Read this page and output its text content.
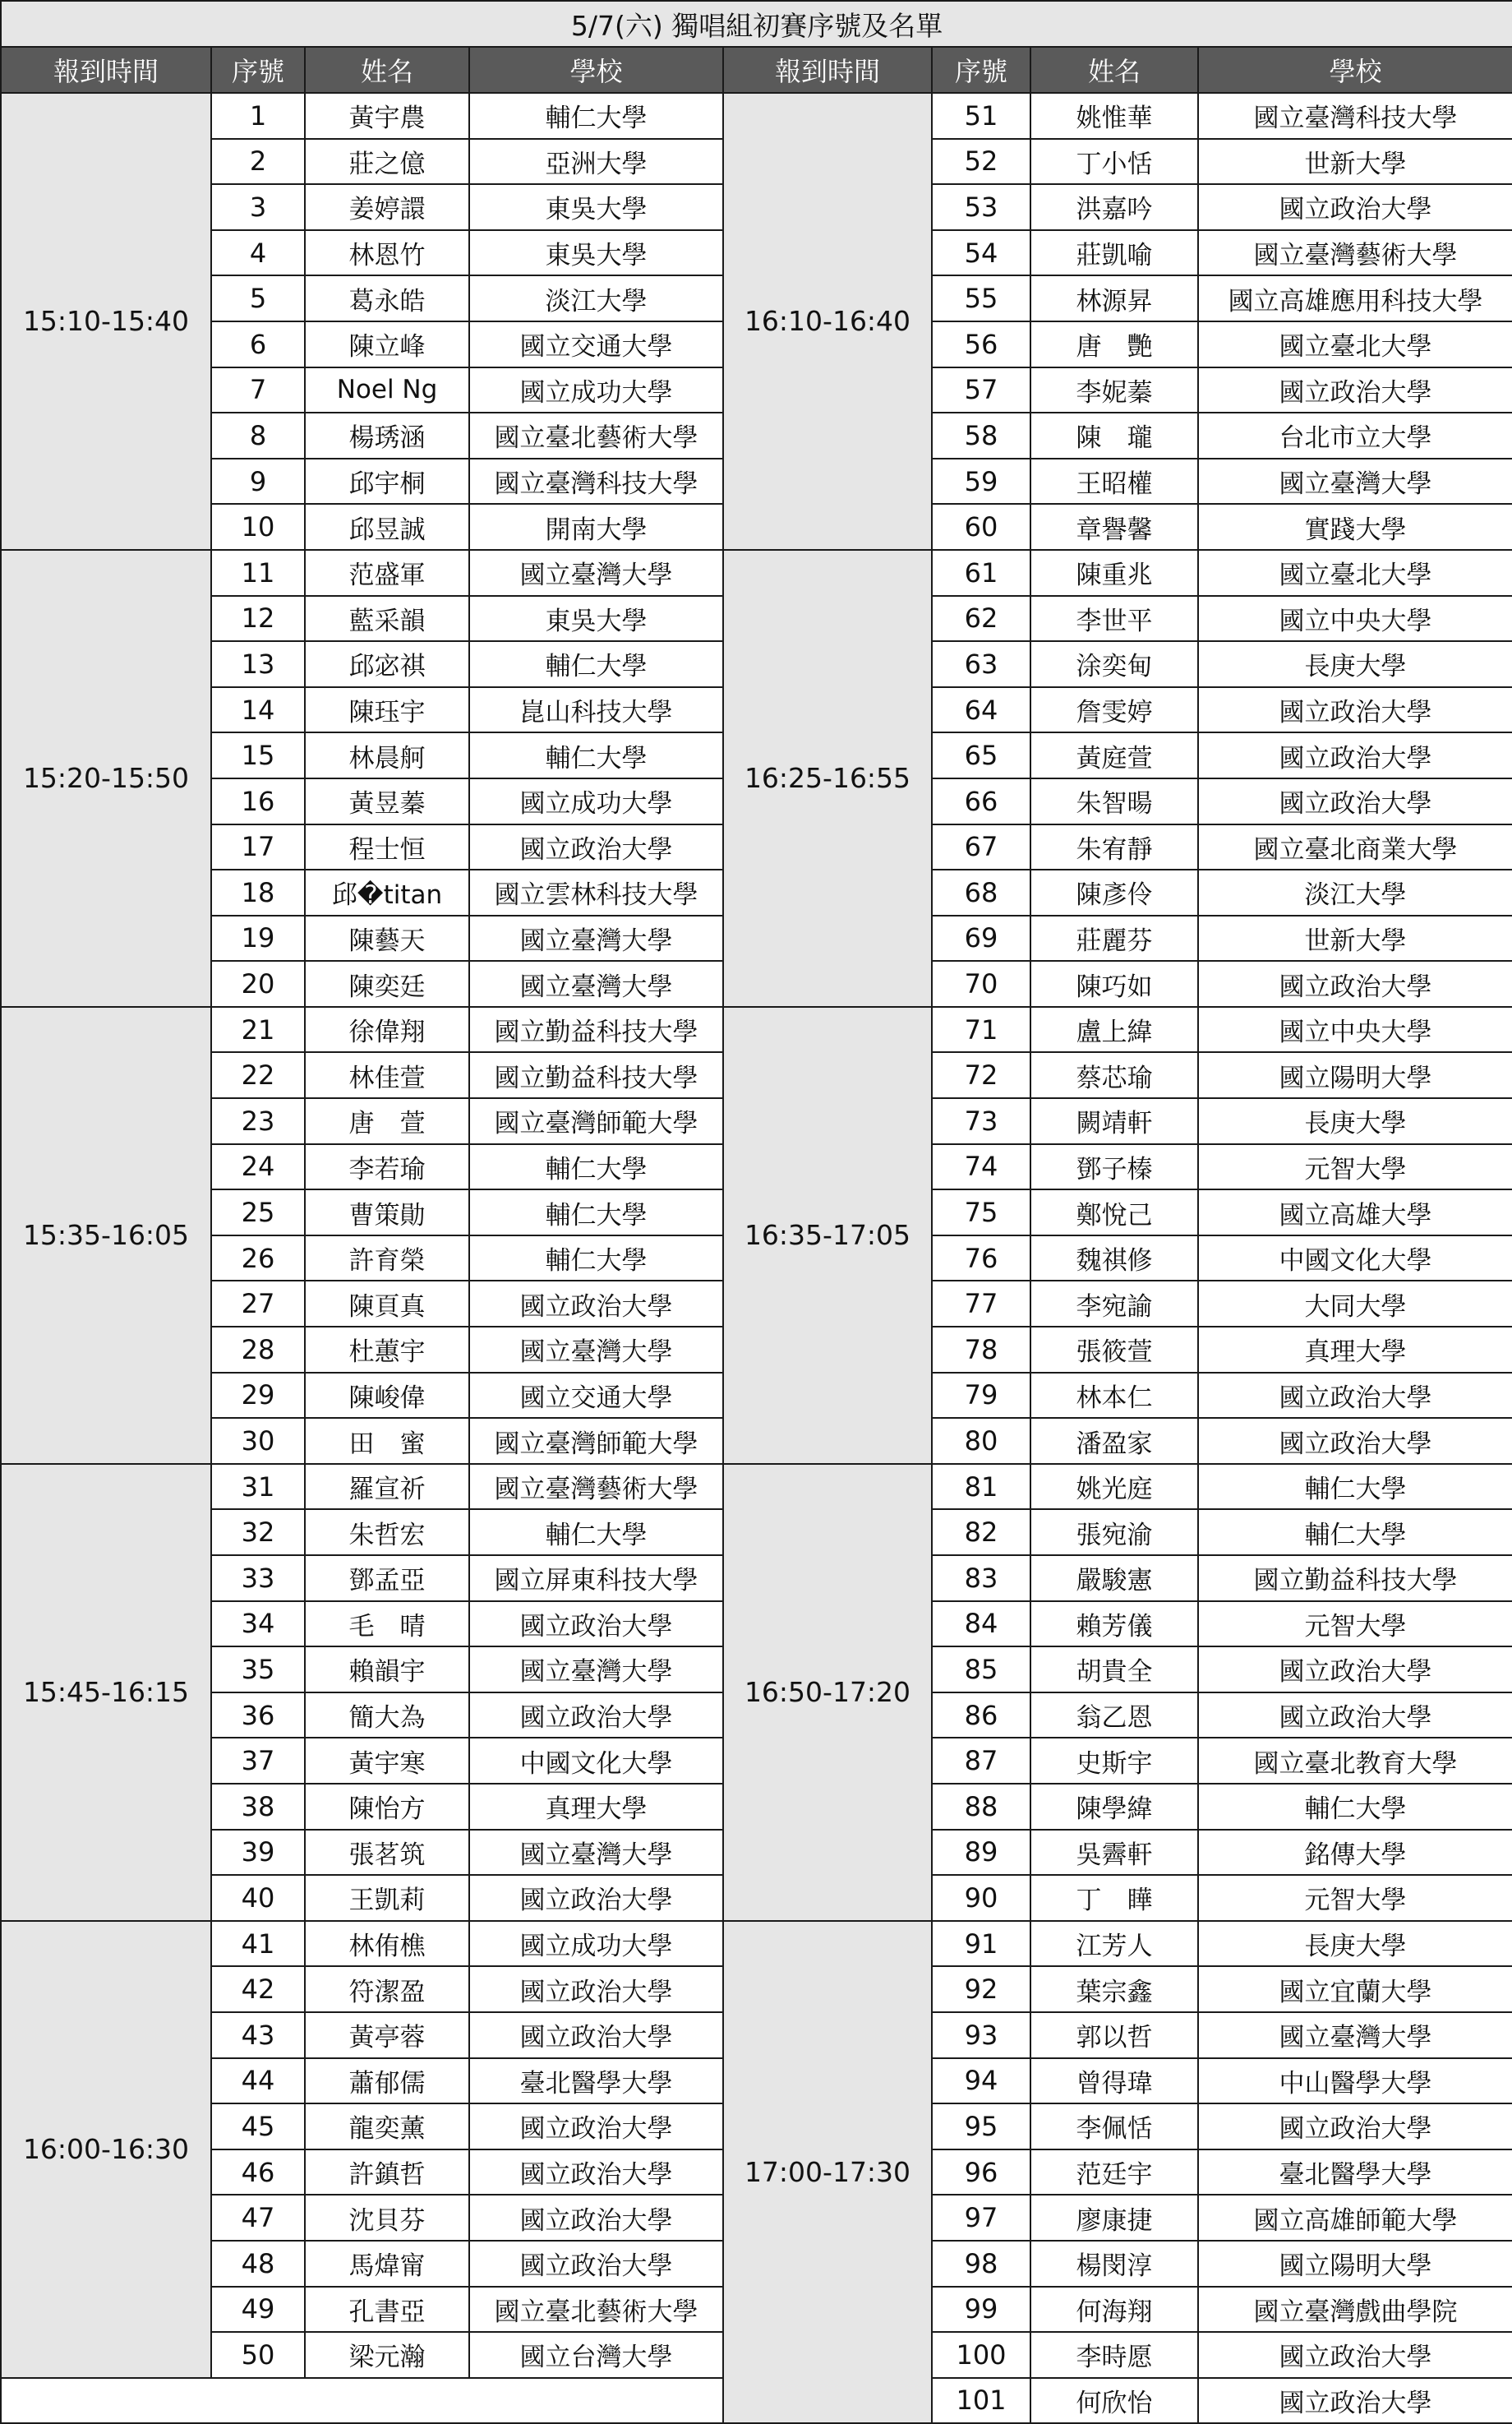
5/7(六) 獨唱組初賽序號及名單							
報到時間	序號	姓名	學校	報到時間	序號	姓名	學校
15:10-15:40	1	黃宇農	輔仁大學	16:10-16:40	51	姚惟華	國立臺灣科技大學
	2	莊之億	亞洲大學		52	丁小恬	世新大學
	3	姜婷譞	東吳大學		53	洪嘉吟	國立政治大學
	4	林恩竹	東吳大學		54	莊凱喻	國立臺灣藝術大學
	5	葛永皓	淡江大學		55	林源昇	國立高雄應用科技大學
	6	陳立峰	國立交通大學		56	唐　艷	國立臺北大學
	7	Noel Ng	國立成功大學		57	李妮蓁	國立政治大學
	8	楊琇涵	國立臺北藝術大學		58	陳　瓏	台北市立大學
	9	邱宇桐	國立臺灣科技大學		59	王昭權	國立臺灣大學
	10	邱昱誠	開南大學		60	章譽馨	實踐大學
15:20-15:50	11	范盛軍	國立臺灣大學	16:25-16:55	61	陳重兆	國立臺北大學
	12	藍采韻	東吳大學		62	李世平	國立中央大學
	13	邱宓祺	輔仁大學		63	涂奕甸	長庚大學
	14	陳珏宇	崑山科技大學		64	詹雯婷	國立政治大學
	15	林晨舸	輔仁大學		65	黃庭萱	國立政治大學
	16	黃昱蓁	國立成功大學		66	朱智暘	國立政治大學
	17	程士恒	國立政治大學		67	朱宥靜	國立臺北商業大學
	18	邱�titan	國立雲林科技大學		68	陳彥伶	淡江大學
	19	陳藝天	國立臺灣大學		69	莊麗芬	世新大學
	20	陳奕廷	國立臺灣大學		70	陳巧如	國立政治大學
15:35-16:05	21	徐偉翔	國立勤益科技大學	16:35-17:05	71	盧上緯	國立中央大學
	22	林佳萱	國立勤益科技大學		72	蔡芯瑜	國立陽明大學
	23	唐　萱	國立臺灣師範大學		73	闕靖軒	長庚大學
	24	李若瑜	輔仁大學		74	鄧子榛	元智大學
	25	曹策勛	輔仁大學		75	鄭悅己	國立高雄大學
	26	許育榮	輔仁大學		76	魏祺修	中國文化大學
	27	陳頁真	國立政治大學		77	李宛諭	大同大學
	28	杜蕙宇	國立臺灣大學		78	張筱萱	真理大學
	29	陳峻偉	國立交通大學		79	林本仁	國立政治大學
	30	田　蜜	國立臺灣師範大學		80	潘盈家	國立政治大學
15:45-16:15	31	羅宣祈	國立臺灣藝術大學	16:50-17:20	81	姚光庭	輔仁大學
	32	朱哲宏	輔仁大學		82	張宛渝	輔仁大學
	33	鄧孟亞	國立屏東科技大學		83	嚴駿憲	國立勤益科技大學
	34	毛　晴	國立政治大學		84	賴芳儀	元智大學
	35	賴韻宇	國立臺灣大學		85	胡貴全	國立政治大學
	36	簡大為	國立政治大學		86	翁乙恩	國立政治大學
	37	黃宇寒	中國文化大學		87	史斯宇	國立臺北教育大學
	38	陳怡方	真理大學		88	陳學緯	輔仁大學
	39	張茗筑	國立臺灣大學		89	吳霽軒	銘傳大學
	40	王凱莉	國立政治大學		90	丁　瞱	元智大學
16:00-16:30	41	林侑樵	國立成功大學	17:00-17:30	91	江芳人	長庚大學
	42	符潔盈	國立政治大學		92	葉宗鑫	國立宜蘭大學
	43	黃亭蓉	國立政治大學		93	郭以哲	國立臺灣大學
	44	蕭郁儒	臺北醫學大學		94	曾得瑋	中山醫學大學
	45	龍奕薰	國立政治大學		95	李佩恬	國立政治大學
	46	許鎮哲	國立政治大學		96	范廷宇	臺北醫學大學
	47	沈貝芬	國立政治大學		97	廖康捷	國立高雄師範大學
	48	馬煒甯	國立政治大學		98	楊閔淳	國立陽明大學
	49	孔書亞	國立臺北藝術大學		99	何海翔	國立臺灣戲曲學院
	50	梁元瀚	國立台灣大學		100	李時愿	國立政治大學
					101	何欣怡	國立政治大學
